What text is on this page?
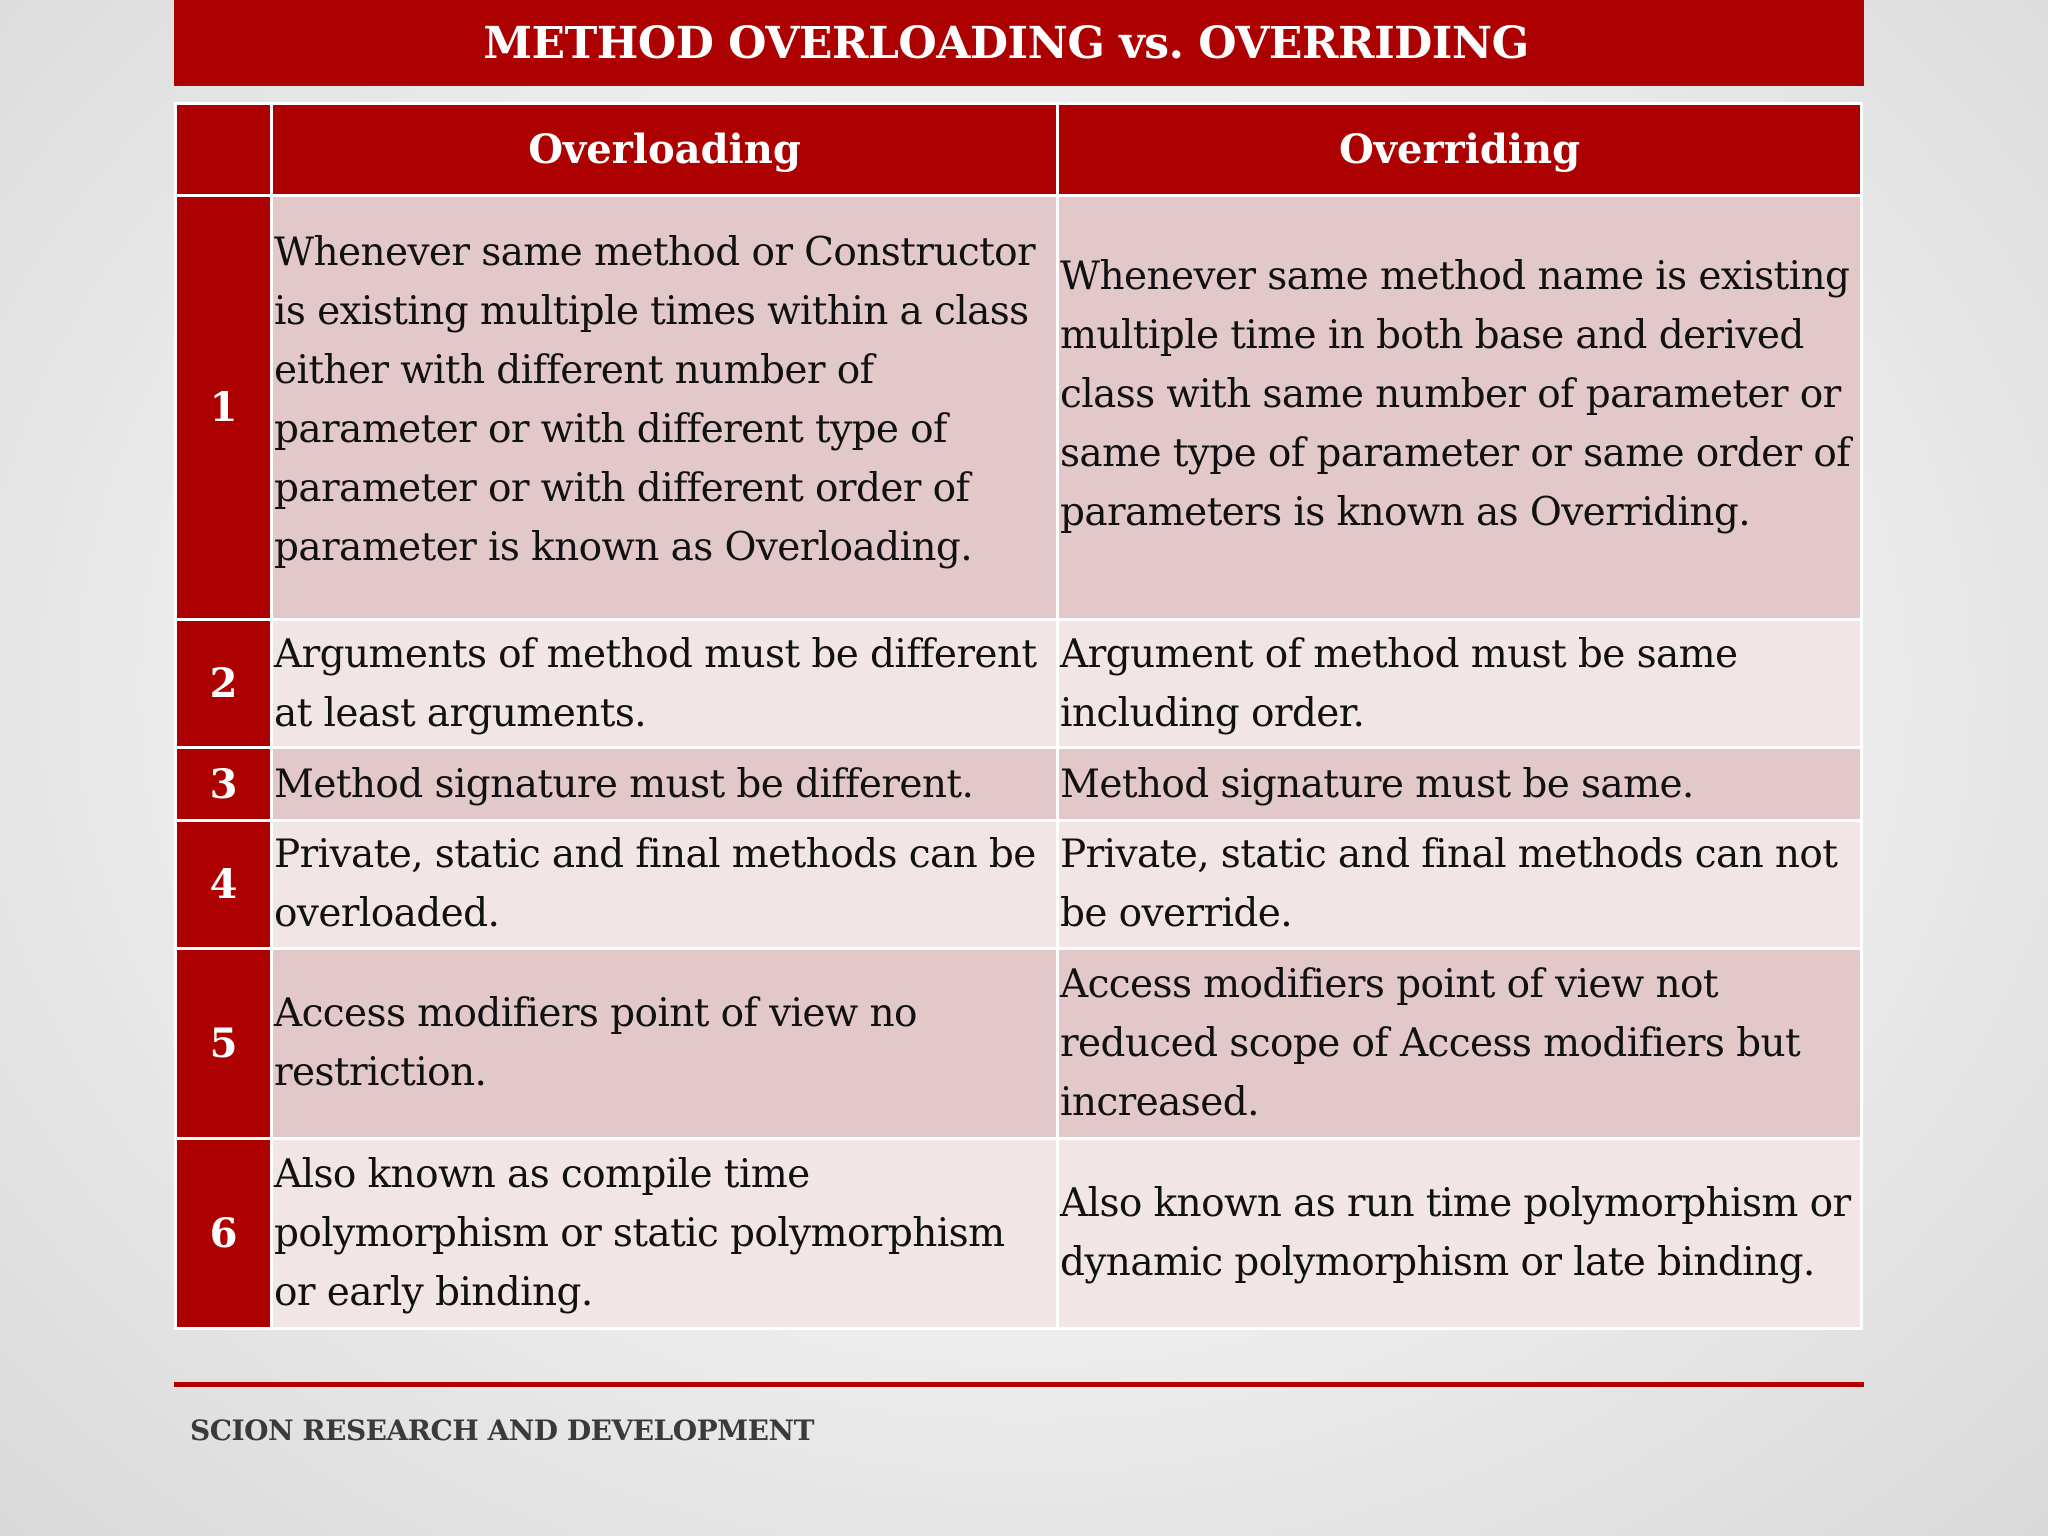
METHOD OVERLOADING vs. OVERRIDING
	Overloading	Overriding
1	Whenever same method or Constructor is existing multiple times within a class either with different number of parameter or with different type of parameter or with different order of parameter is known as Overloading.	Whenever same method name is existing multiple time in both base and derived class with same number of parameter or same type of parameter or same order of parameters is known as Overriding.

2	Arguments of method must be different at least arguments.	Argument of method must be same including order.

3	Method signature must be different.	Method signature must be same.

4	Private, static and final methods can be overloaded.	Private, static and final methods can not be override.

5	Access modifiers point of view no restriction.	Access modifiers point of view not reduced scope of Access modifiers but increased.

6	Also known as compile time polymorphism or static polymorphism or early binding.	Also known as run time polymorphism or dynamic polymorphism or late binding.
SCION RESEARCH AND DEVELOPMENT
